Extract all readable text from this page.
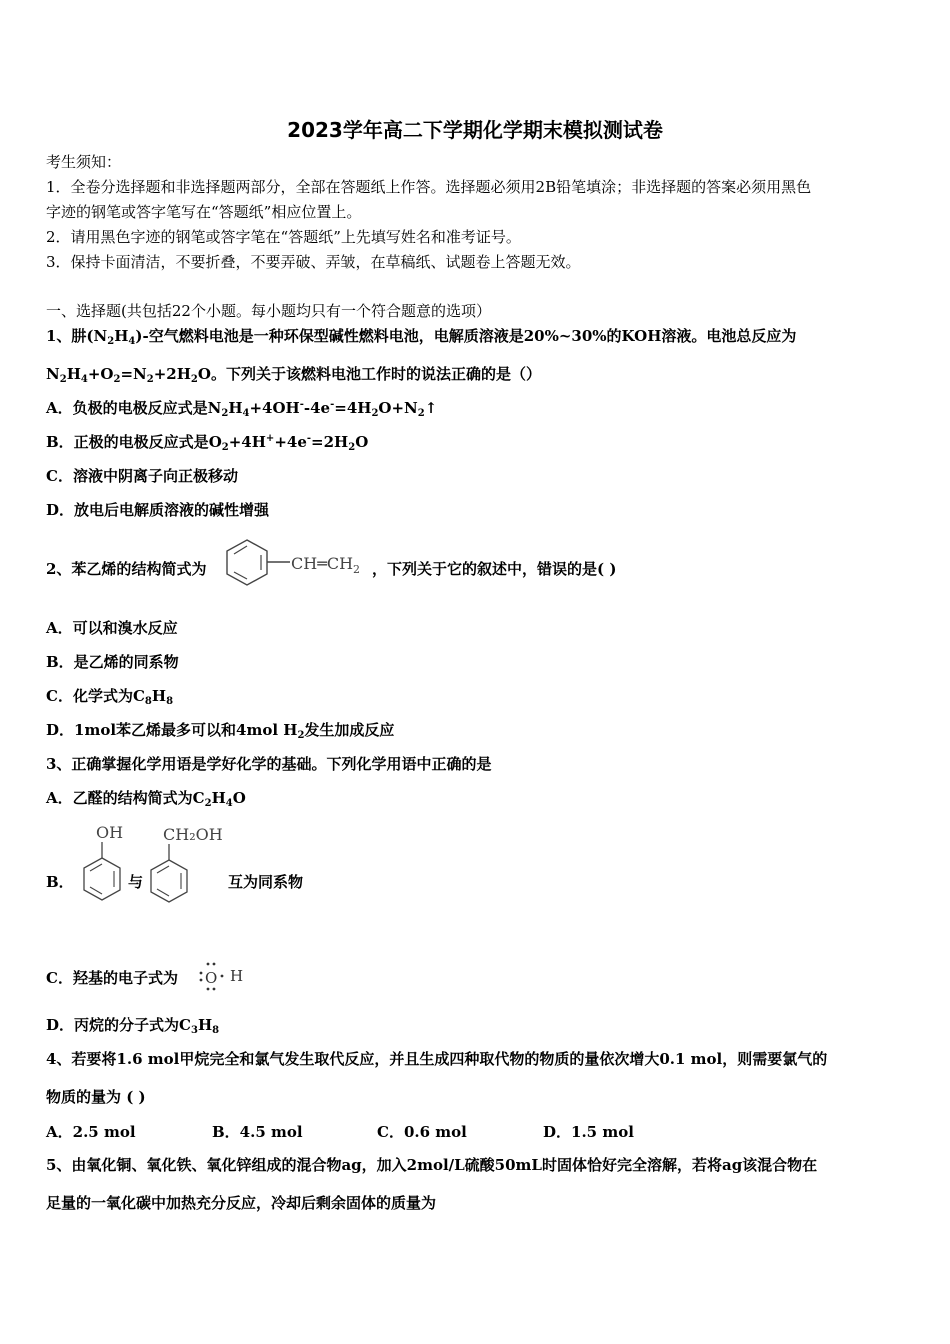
2023学年高二下学期化学期末模拟测试卷
考生须知：
1．全卷分选择题和非选择题两部分，全部在答题纸上作答。选择题必须用2B铅笔填涂；非选择题的答案必须用黑色
字迹的钢笔或答字笔写在“答题纸”相应位置上。
2．请用黑色字迹的钢笔或答字笔在“答题纸”上先填写姓名和准考证号。
3．保持卡面清洁，不要折叠，不要弄破、弄皱，在草稿纸、试题卷上答题无效。
一、选择题(共包括22个小题。每小题均只有一个符合题意的选项）
1、肼$(N_2H_4)-$空气燃料电池是一种环保型碱性燃料电池，电解质溶液是20%~30%的KOH溶液。电池总反应为
$N_2H_4+O_2=N_2+2H_2O$。下列关于该燃料电池工作时的说法正确的是（）
A．负极的电极反应式是$N_2H_4+4OH^--4e^-=4H_2O+N_2↑$
B．正极的电极反应式是$O_2+4H^++4e^-=2H_2O$
C．溶液中阴离子向正极移动
D．放电后电解质溶液的碱性增强
2、苯乙烯的结构简式为	$CH═CH_2$ ，下列关于它的叙述中，错误的是( )
A．可以和溴水反应
B．是乙烯的同系物
C．化学式为$C_8H_8$
D．1mol苯乙烯最多可以和4mol $H_2$发生加成反应
3、正确掌握化学用语是学好化学的基础。下列化学用语中正确的是
A．乙醛的结构简式为$C_2H_4O$
B．
OH
与
CH₂OH
互为同系物
C．羟基的电子式为 O H
D．丙烷的分子式为$C_3H_8$
4、若要将1.6 mol甲烷完全和氯气发生取代反应，并且生成四种取代物的物质的量依次增大0.1 mol，则需要氯气的
物质的量为 ( )
A．2.5 mol	B．4.5 mol	C．0.6 mol	D．1.5 mol
5、由氧化铜、氧化铁、氧化锌组成的混合物ag，加入2mol/L硫酸50mL时固体恰好完全溶解，若将ag该混合物在
足量的一氧化碳中加热充分反应，冷却后剩余固体的质量为
